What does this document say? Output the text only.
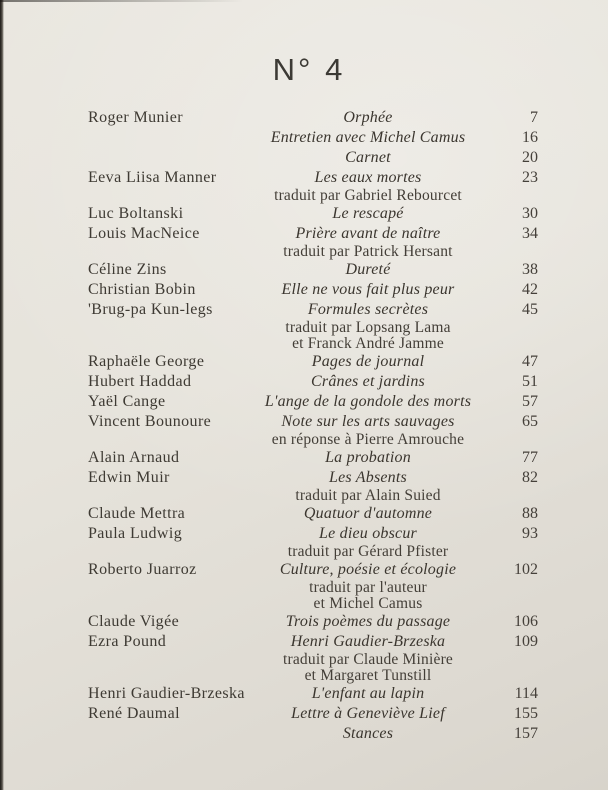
N° 4
Roger Munier	Orphée	7
Entretien avec Michel Camus	16
Carnet	20
Eeva Liisa Manner	Les eaux mortes	23
traduit par Gabriel Rebourcet
Luc Boltanski	Le rescapé	30
Louis MacNeice	Prière avant de naître	34
traduit par Patrick Hersant
Céline Zins	Dureté	38
Christian Bobin	Elle ne vous fait plus peur	42
'Brug-pa Kun-legs	Formules secrètes	45
traduit par Lopsang Lama
et Franck André Jamme
Raphaële George	Pages de journal	47
Hubert Haddad	Crânes et jardins	51
Yaël Cange	L'ange de la gondole des morts	57
Vincent Bounoure	Note sur les arts sauvages	65
en réponse à Pierre Amrouche
Alain Arnaud	La probation	77
Edwin Muir	Les Absents	82
traduit par Alain Suied
Claude Mettra	Quatuor d'automne	88
Paula Ludwig	Le dieu obscur	93
traduit par Gérard Pfister
Roberto Juarroz	Culture, poésie et écologie	102
traduit par l'auteur
et Michel Camus
Claude Vigée	Trois poèmes du passage	106
Ezra Pound	Henri Gaudier-Brzeska	109
traduit par Claude Minière
et Margaret Tunstill
Henri Gaudier-Brzeska	L'enfant au lapin	114
René Daumal	Lettre à Geneviève Lief	155
Stances	157
